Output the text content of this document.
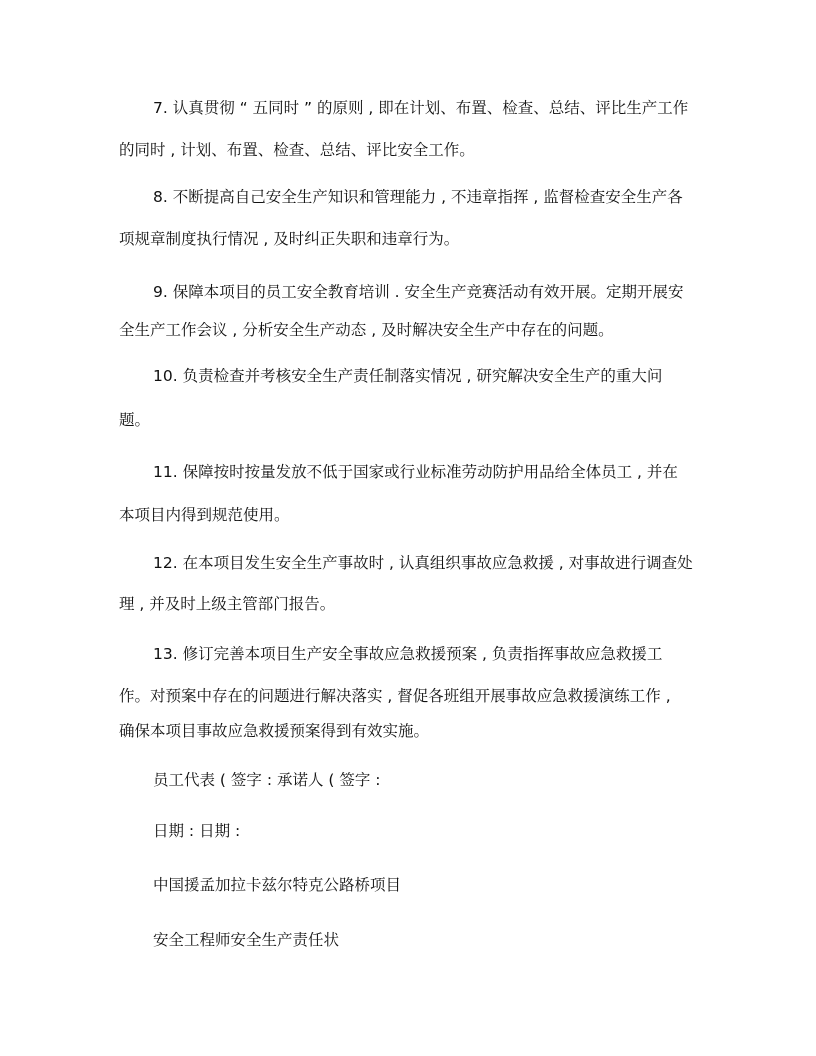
7. 认真贯彻 “ 五同时 ” 的原则 , 即在计划、布置、检查、总结、评比生产工作
的同时 , 计划、布置、检查、总结、评比安全工作。
8. 不断提高自己安全生产知识和管理能力 , 不违章指挥 , 监督检查安全生产各
项规章制度执行情况 , 及时纠正失职和违章行为。
9. 保障本项目的员工安全教育培训 . 安全生产竞赛活动有效开展。定期开展安
全生产工作会议 , 分析安全生产动态 , 及时解决安全生产中存在的问题。
10. 负责检查并考核安全生产责任制落实情况 , 研究解决安全生产的重大问
题。
11. 保障按时按量发放不低于国家或行业标准劳动防护用品给全体员工 , 并在
本项目内得到规范使用。
12. 在本项目发生安全生产事故时 , 认真组织事故应急救援 , 对事故进行调查处
理 , 并及时上级主管部门报告。
13. 修订完善本项目生产安全事故应急救援预案 , 负责指挥事故应急救援工
作。对预案中存在的问题进行解决落实 , 督促各班组开展事故应急救援演练工作 ,
确保本项目事故应急救援预案得到有效实施。
员工代表 ( 签字 : 承诺人 ( 签字 :
日期 : 日期 :
中国援孟加拉卡兹尔特克公路桥项目
安全工程师安全生产责任状
